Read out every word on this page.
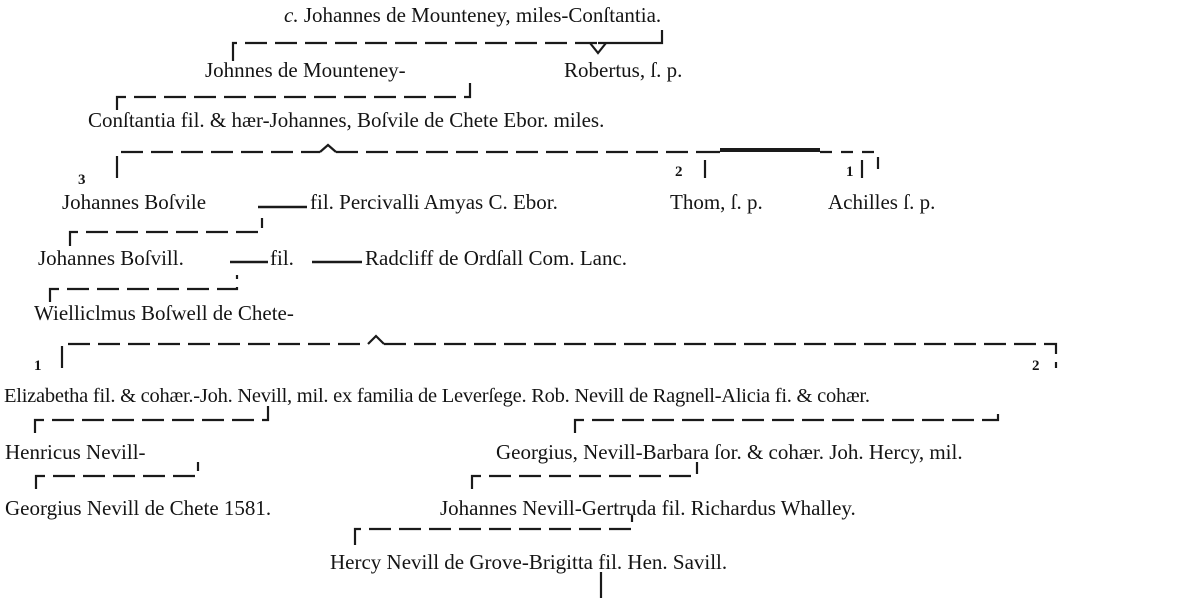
c. Johannes de Mounteney, miles-Conſtantia.
Johnnes de Mounteney-	Robertus, ſ. p.
Conſtantia fil. & hær-Johannes, Boſvile de Chete Ebor. miles.
3	2	1
Johannes Boſvile	fil. Percivalli Amyas C. Ebor.	Thom, ſ. p.	Achilles ſ. p.
Johannes Boſvill.	fil.	Radcliff de Ordſall Com. Lanc.
Wielliclmus Boſwell de Chete-
1	2
Elizabetha fil. & cohær.-Joh. Nevill, mil. ex familia de Leverſege. Rob. Nevill de Ragnell-Alicia fi. & cohær.
Henricus Nevill-	Georgius, Nevill-Barbara ſor. & cohær. Joh. Hercy, mil.
Georgius Nevill de Chete 1581.	Johannes Nevill-Gertruda fil. Richardus Whalley.
Hercy Nevill de Grove-Brigitta fil. Hen. Savill.
